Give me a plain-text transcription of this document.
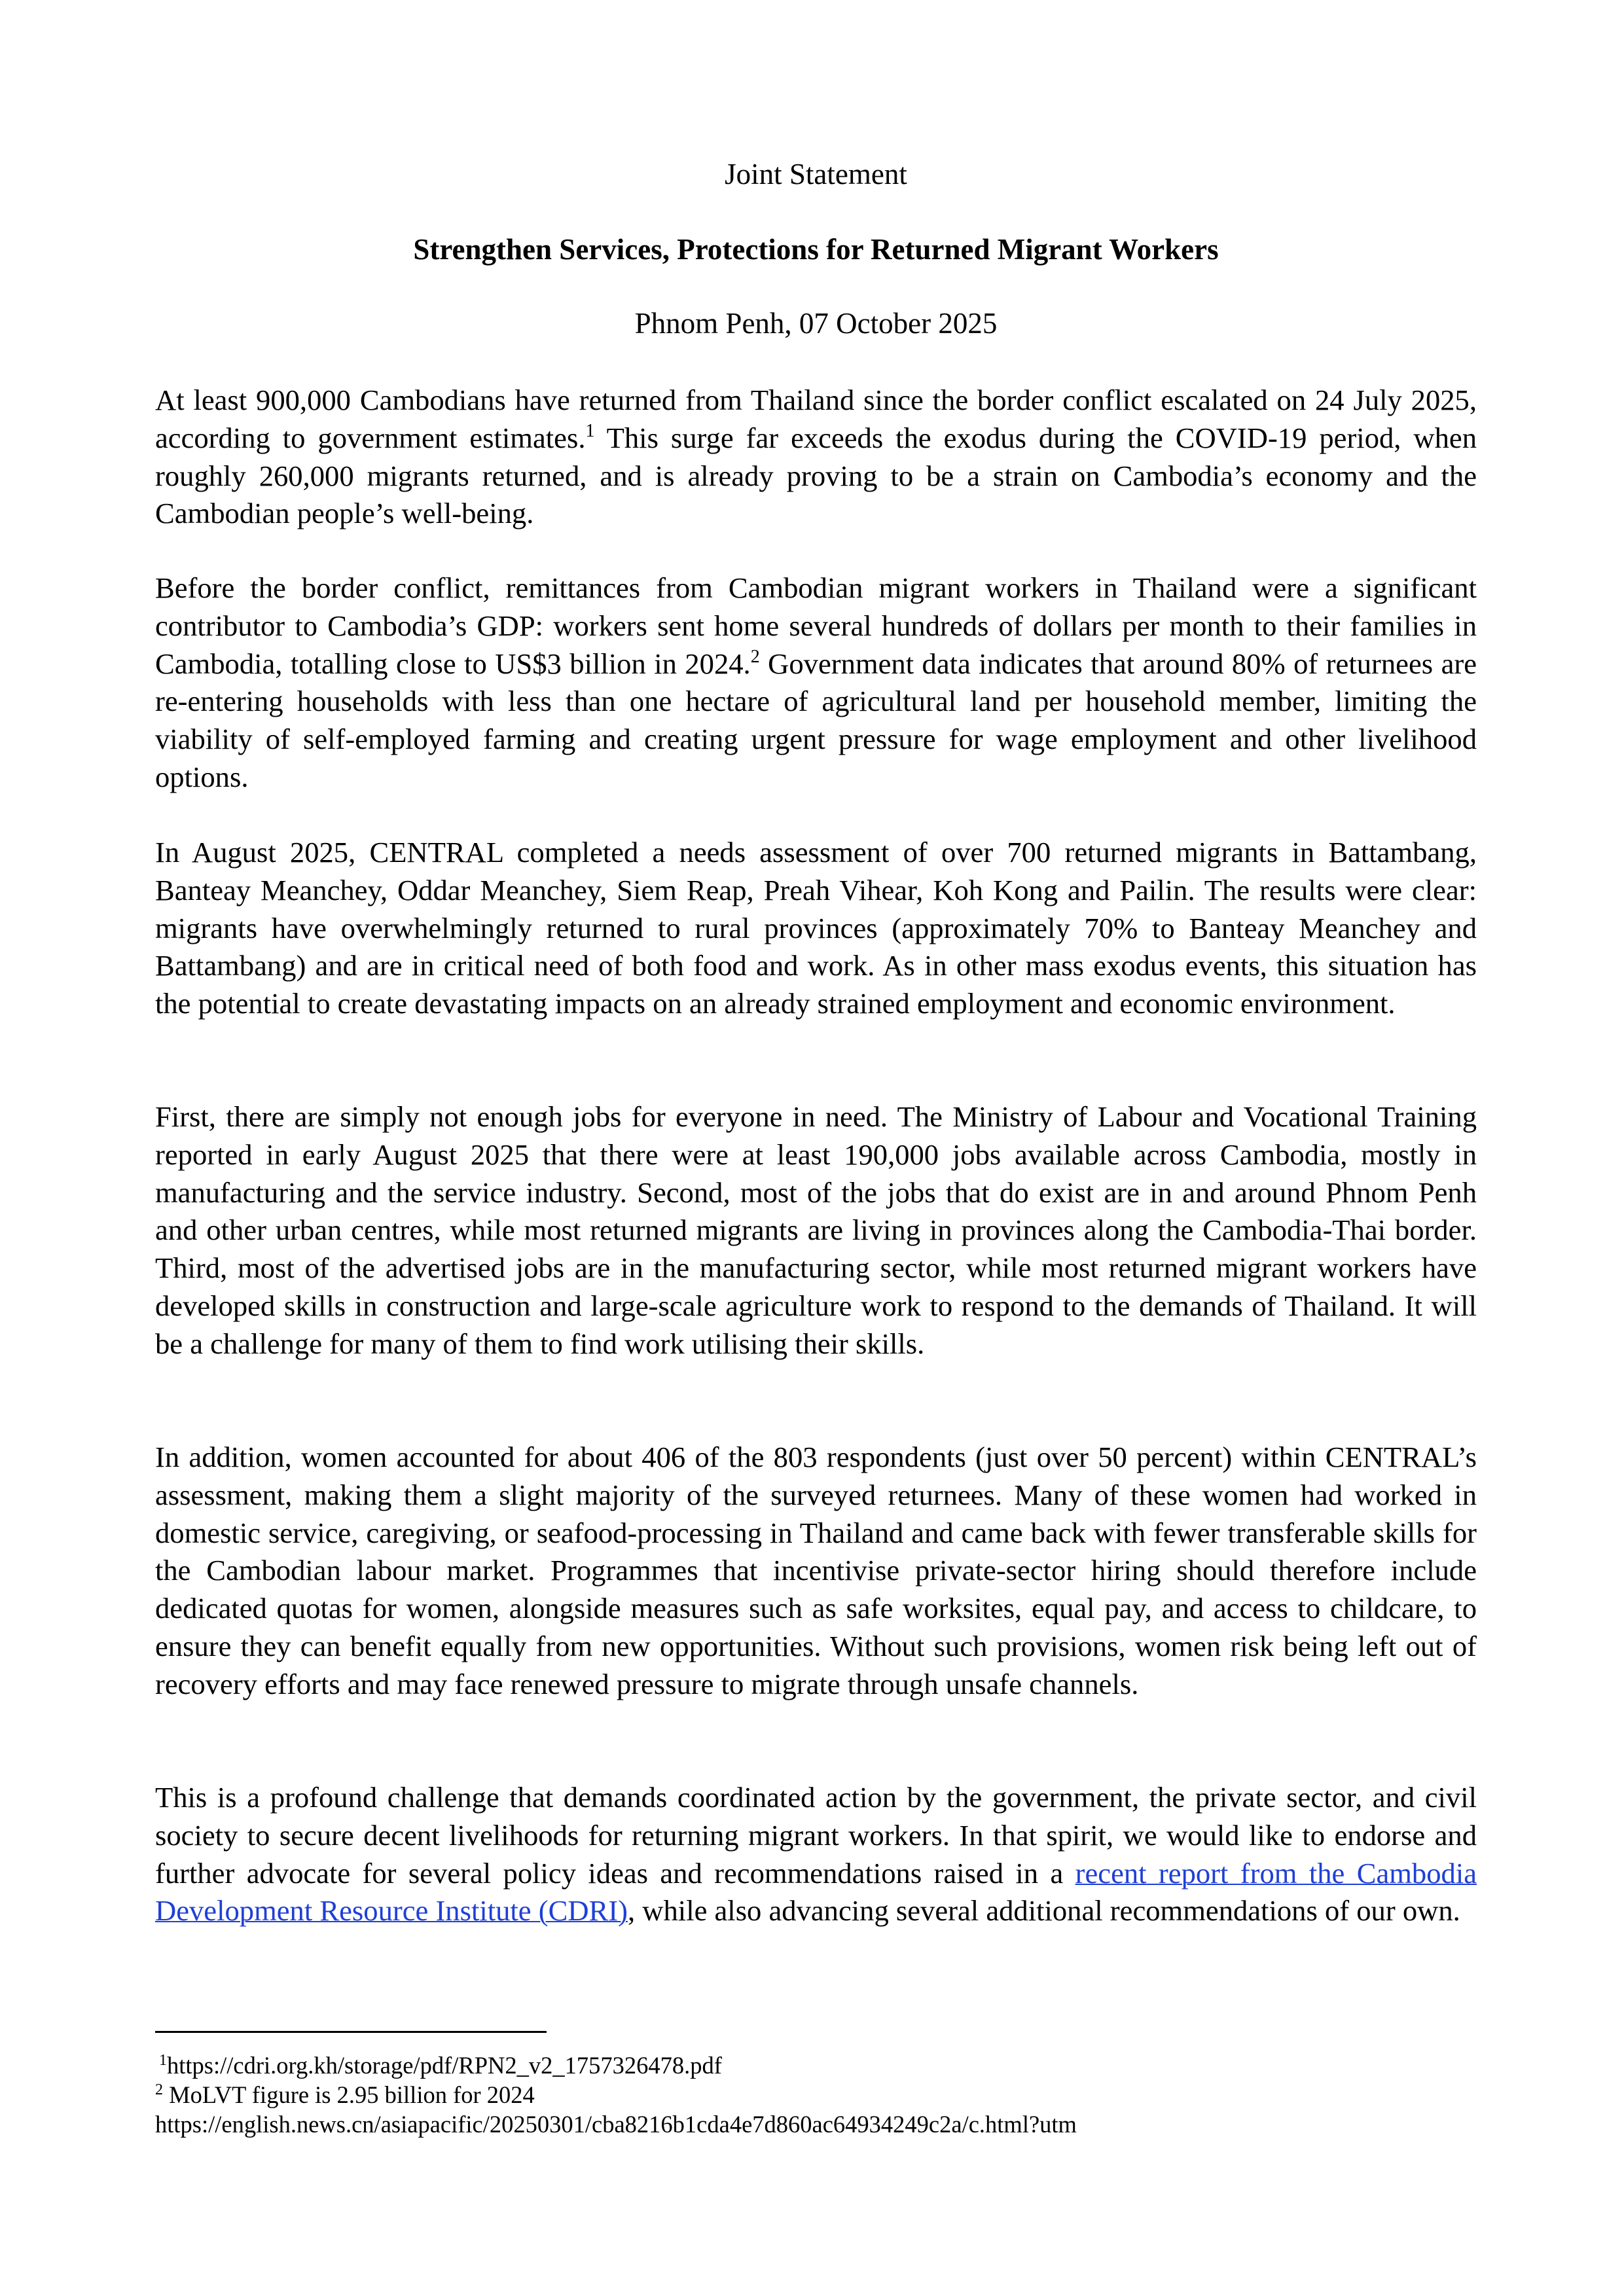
Joint Statement
Strengthen Services, Protections for Returned Migrant Workers
Phnom Penh, 07 October 2025

At least 900,000 Cambodians have returned from Thailand since the border conflict escalated on 24 July 2025, according to government estimates.$^1$ This surge far exceeds the exodus during the COVID-19 period, when roughly 260,000 migrants returned, and is already proving to be a strain on Cambodia’s economy and the Cambodian people’s well-being.

Before the border conflict, remittances from Cambodian migrant workers in Thailand were a significant contributor to Cambodia’s GDP: workers sent home several hundreds of dollars per month to their families in Cambodia, totalling close to US$3 billion in 2024.$^2$ Government data indicates that around 80% of returnees are re-entering households with less than one hectare of agricultural land per household member, limiting the viability of self-employed farming and creating urgent pressure for wage employment and other livelihood options.

In August 2025, CENTRAL completed a needs assessment of over 700 returned migrants in Battambang, Banteay Meanchey, Oddar Meanchey, Siem Reap, Preah Vihear, Koh Kong and Pailin. The results were clear: migrants have overwhelmingly returned to rural provinces (approximately 70% to Banteay Meanchey and Battambang) and are in critical need of both food and work. As in other mass exodus events, this situation has the potential to create devastating impacts on an already strained employment and economic environment.

First, there are simply not enough jobs for everyone in need. The Ministry of Labour and Vocational Training reported in early August 2025 that there were at least 190,000 jobs available across Cambodia, mostly in manufacturing and the service industry. Second, most of the jobs that do exist are in and around Phnom Penh and other urban centres, while most returned migrants are living in provinces along the Cambodia-Thai border. Third, most of the advertised jobs are in the manufacturing sector, while most returned migrant workers have developed skills in construction and large-scale agriculture work to respond to the demands of Thailand. It will be a challenge for many of them to find work utilising their skills.

In addition, women accounted for about 406 of the 803 respondents (just over 50 percent) within CENTRAL’s assessment, making them a slight majority of the surveyed returnees. Many of these women had worked in domestic service, caregiving, or seafood-processing in Thailand and came back with fewer transferable skills for the Cambodian labour market. Programmes that incentivise private-sector hiring should therefore include dedicated quotas for women, alongside measures such as safe worksites, equal pay, and access to childcare, to ensure they can benefit equally from new opportunities. Without such provisions, women risk being left out of recovery efforts and may face renewed pressure to migrate through unsafe channels.

This is a profound challenge that demands coordinated action by the government, the private sector, and civil society to secure decent livelihoods for returning migrant workers. In that spirit, we would like to endorse and further advocate for several policy ideas and recommendations raised in a recent report from the Cambodia Development Resource Institute (CDRI), while also advancing several additional recommendations of our own.

$^1$https://cdri.org.kh/storage/pdf/RPN2_v2_1757326478.pdf
$^2$ MoLVT figure is 2.95 billion for 2024
https://english.news.cn/asiapacific/20250301/cba8216b1cda4e7d860ac64934249c2a/c.html?utm
